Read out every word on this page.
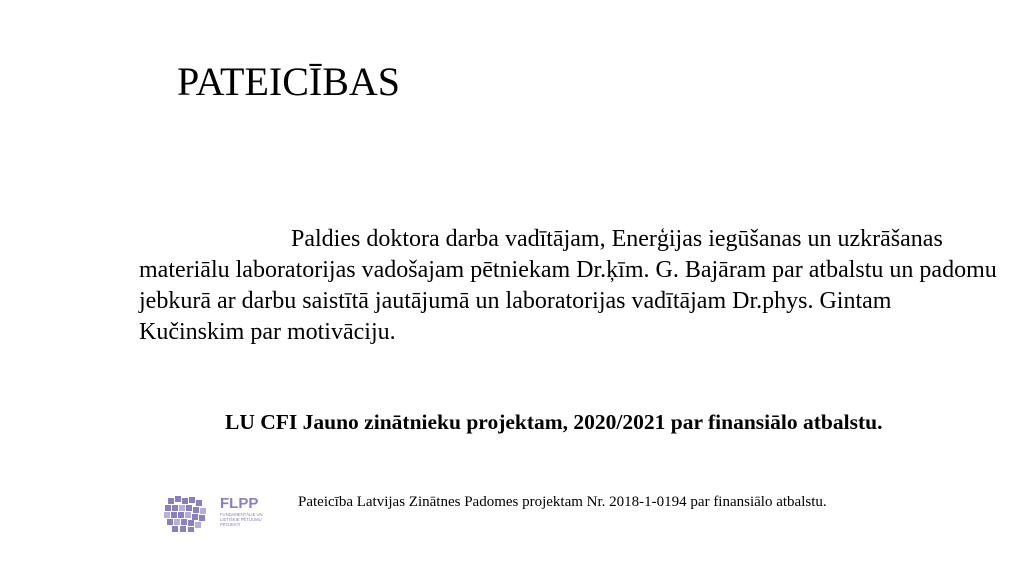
PATEICĪBAS

Paldies doktora darba vadītājam, Enerģijas iegūšanas un uzkrāšanas materiālu laboratorijas vadošajam pētniekam Dr.ķīm. G. Bajāram par atbalstu un padomu jebkurā ar darbu saistītā jautājumā un laboratorijas vadītājam Dr.phys. Gintam Kučinskim par motivāciju.

LU CFI Jauno zinātnieku projektam, 2020/2021 par finansiālo atbalstu.

FLPP
FUNDAMENTĀLIE UN
LIETIŠĶIE PĒTĪJUMU
PROJEKTI

Pateicība Latvijas Zinātnes Padomes projektam Nr. 2018-1-0194 par finansiālo atbalstu.
